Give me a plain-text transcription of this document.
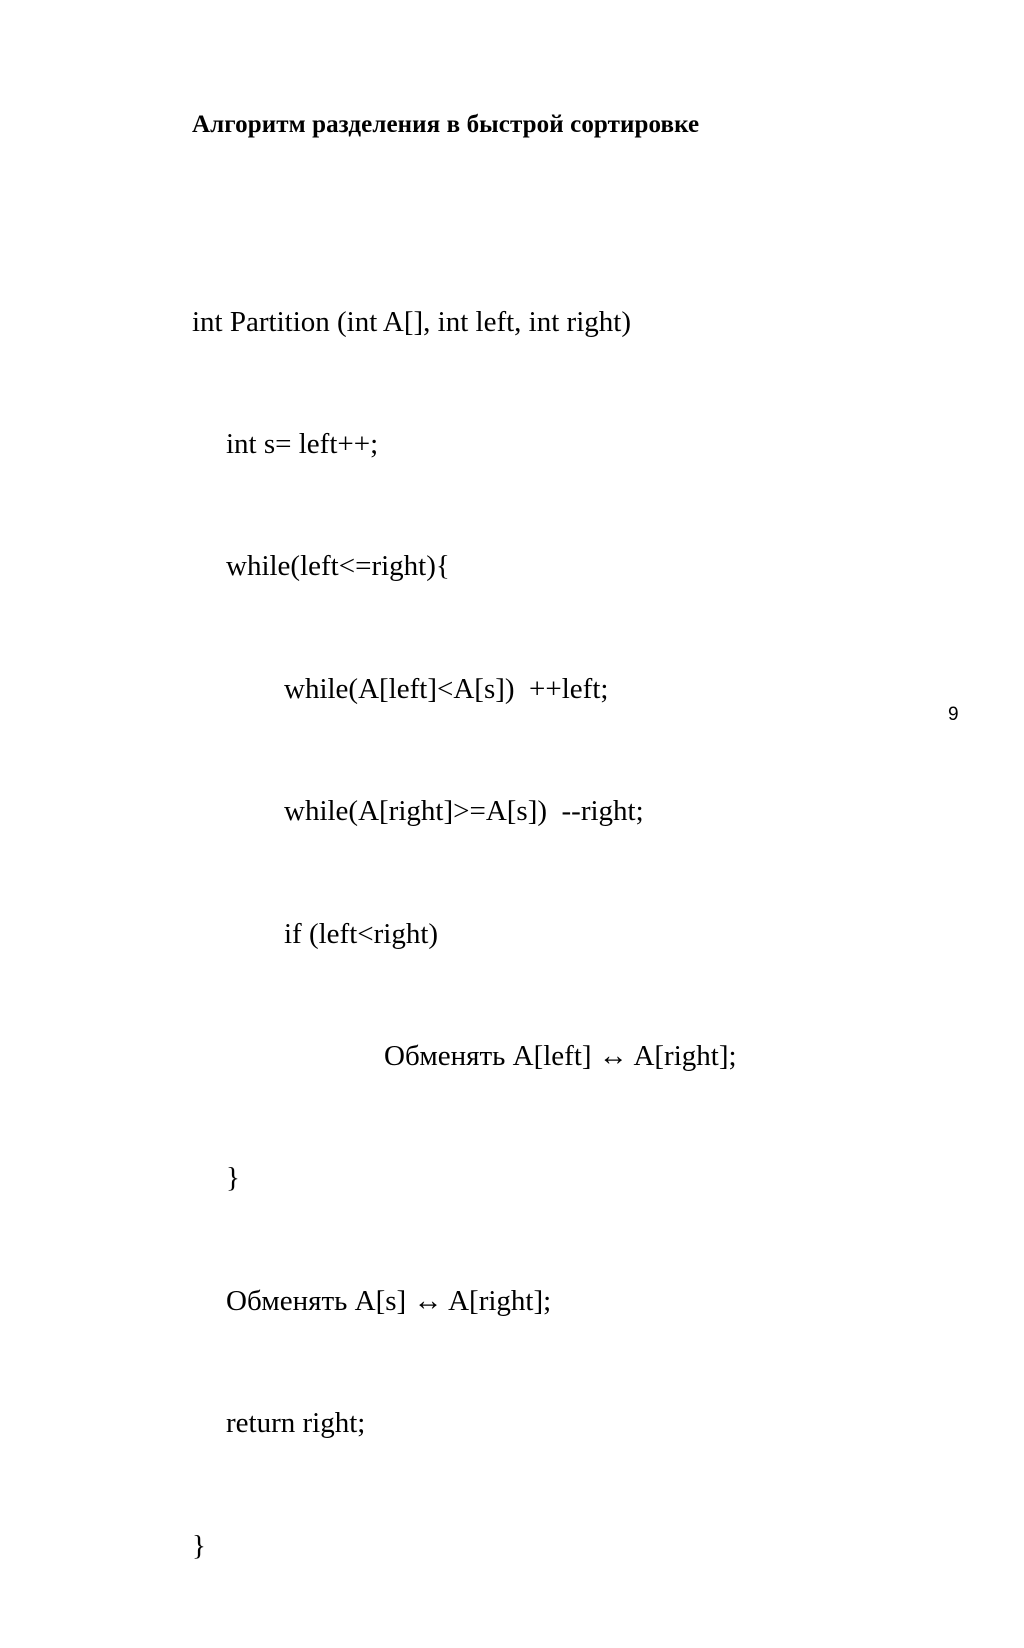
Алгоритм разделения в быстрой сортировке

int Partition (int A[], int left, int right)

int s= left++;

while(left<=right){

while(A[left]<A[s])  ++left;

while(A[right]>=A[s])  --right;

if (left<right)

Обменять A[left] ↔ A[right];

}

Обменять A[s] ↔ A[right];

return right;

}

9
